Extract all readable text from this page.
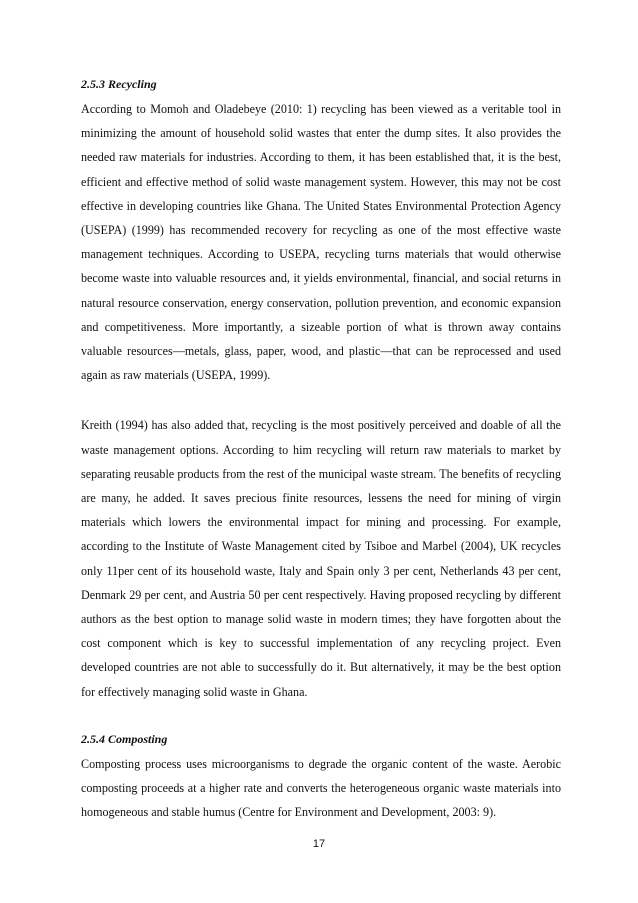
2.5.3 Recycling

According to Momoh and Oladebeye (2010: 1) recycling has been viewed as a veritable tool in minimizing the amount of household solid wastes that enter the dump sites. It also provides the needed raw materials for industries. According to them, it has been established that, it is the best, efficient and effective method of solid waste management system. However, this may not be cost effective in developing countries like Ghana. The United States Environmental Protection Agency (USEPA) (1999) has recommended recovery for recycling as one of the most effective waste management techniques. According to USEPA, recycling turns materials that would otherwise become waste into valuable resources and, it yields environmental, financial, and social returns in natural resource conservation, energy conservation, pollution prevention, and economic expansion and competitiveness. More importantly, a sizeable portion of what is thrown away contains valuable resources—metals, glass, paper, wood, and plastic—that can be reprocessed and used again as raw materials (USEPA, 1999).

Kreith (1994) has also added that, recycling is the most positively perceived and doable of all the waste management options. According to him recycling will return raw materials to market by separating reusable products from the rest of the municipal waste stream. The benefits of recycling are many, he added. It saves precious finite resources, lessens the need for mining of virgin materials which lowers the environmental impact for mining and processing. For example, according to the Institute of Waste Management cited by Tsiboe and Marbel (2004), UK recycles only 11per cent of its household waste, Italy and Spain only 3 per cent, Netherlands 43 per cent, Denmark 29 per cent, and Austria 50 per cent respectively. Having proposed recycling by different authors as the best option to manage solid waste in modern times; they have forgotten about the cost component which is key to successful implementation of any recycling project. Even developed countries are not able to successfully do it. But alternatively, it may be the best option for effectively managing solid waste in Ghana.

2.5.4 Composting

Composting process uses microorganisms to degrade the organic content of the waste. Aerobic composting proceeds at a higher rate and converts the heterogeneous organic waste materials into homogeneous and stable humus (Centre for Environment and Development, 2003: 9).

17
